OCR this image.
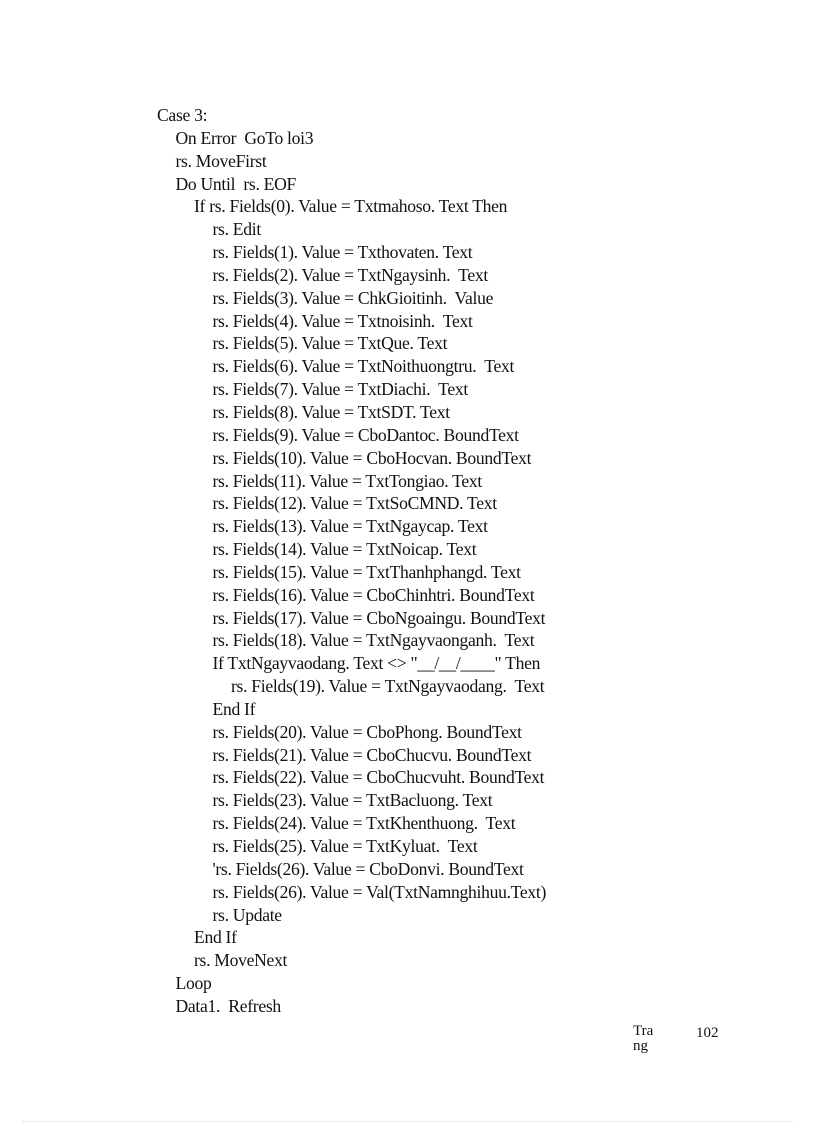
Case 3:
On Error  GoTo loi3
rs. MoveFirst
Do Until  rs. EOF
If rs. Fields(0). Value = Txtmahoso. Text Then
rs. Edit
rs. Fields(1). Value = Txthovaten. Text
rs. Fields(2). Value = TxtNgaysinh.  Text
rs. Fields(3). Value = ChkGioitinh.  Value
rs. Fields(4). Value = Txtnoisinh.  Text
rs. Fields(5). Value = TxtQue. Text
rs. Fields(6). Value = TxtNoithuongtru.  Text
rs. Fields(7). Value = TxtDiachi.  Text
rs. Fields(8). Value = TxtSDT. Text
rs. Fields(9). Value = CboDantoc. BoundText
rs. Fields(10). Value = CboHocvan. BoundText
rs. Fields(11). Value = TxtTongiao. Text
rs. Fields(12). Value = TxtSoCMND. Text
rs. Fields(13). Value = TxtNgaycap. Text
rs. Fields(14). Value = TxtNoicap. Text
rs. Fields(15). Value = TxtThanhphangd. Text
rs. Fields(16). Value = CboChinhtri. BoundText
rs. Fields(17). Value = CboNgoaingu. BoundText
rs. Fields(18). Value = TxtNgayvaonganh.  Text
If TxtNgayvaodang. Text <> "__/__/____" Then
rs. Fields(19). Value = TxtNgayvaodang.  Text
End If
rs. Fields(20). Value = CboPhong. BoundText
rs. Fields(21). Value = CboChucvu. BoundText
rs. Fields(22). Value = CboChucvuht. BoundText
rs. Fields(23). Value = TxtBacluong. Text
rs. Fields(24). Value = TxtKhenthuong.  Text
rs. Fields(25). Value = TxtKyluat.  Text
'rs. Fields(26). Value = CboDonvi. BoundText
rs. Fields(26). Value = Val(TxtNamnghihuu.Text)
rs. Update
End If
rs. MoveNext
Loop
Data1.  Refresh
Trang
102
